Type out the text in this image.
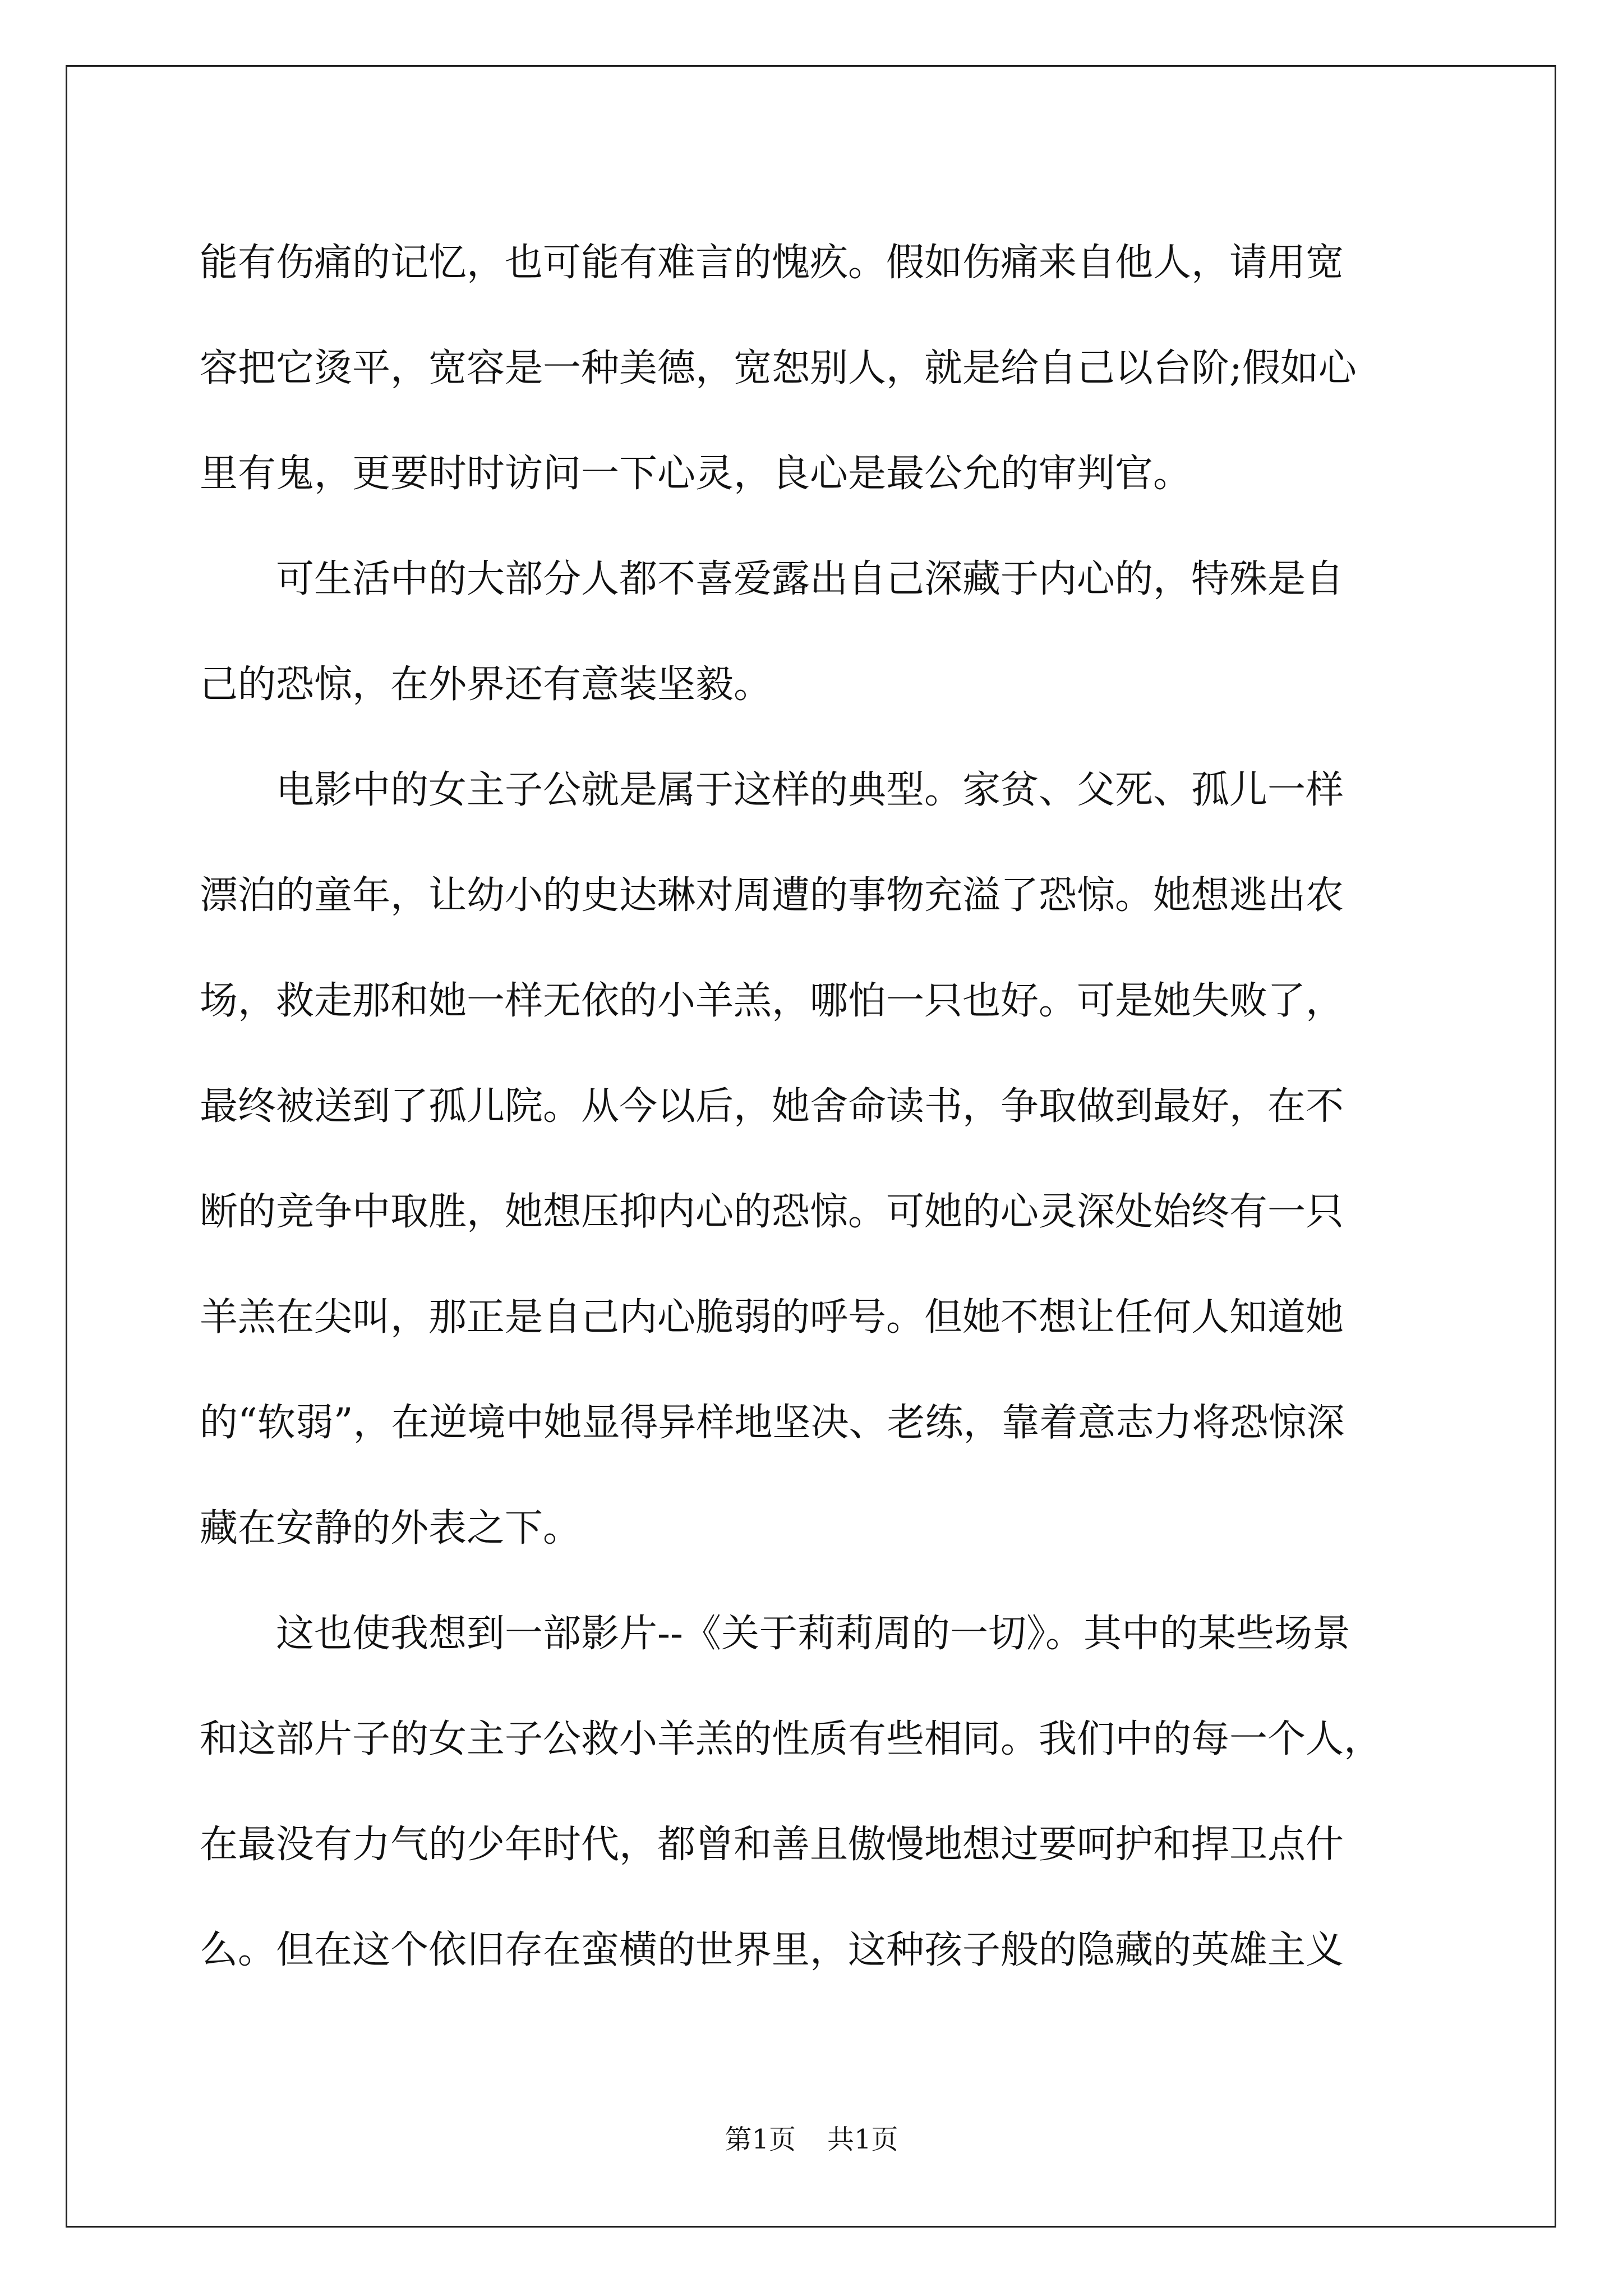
能有伤痛的记忆，也可能有难言的愧疚。假如伤痛来自他人，请用宽
容把它烫平，宽容是一种美德，宽恕别人，就是给自己以台阶;假如心
里有鬼，更要时时访问一下心灵，良心是最公允的审判官。

　　可生活中的大部分人都不喜爱露出自己深藏于内心的，特殊是自
己的恐惊，在外界还有意装坚毅。

　　电影中的女主子公就是属于这样的典型。家贫、父死、孤儿一样
漂泊的童年，让幼小的史达琳对周遭的事物充溢了恐惊。她想逃出农
场，救走那和她一样无依的小羊羔，哪怕一只也好。可是她失败了，
最终被送到了孤儿院。从今以后，她舍命读书，争取做到最好，在不
断的竞争中取胜，她想压抑内心的恐惊。可她的心灵深处始终有一只
羊羔在尖叫，那正是自己内心脆弱的呼号。但她不想让任何人知道她
的“软弱”，在逆境中她显得异样地坚决、老练，靠着意志力将恐惊深
藏在安静的外表之下。

　　这也使我想到一部影片--《关于莉莉周的一切》。其中的某些场景
和这部片子的女主子公救小羊羔的性质有些相同。我们中的每一个人，
在最没有力气的少年时代，都曾和善且傲慢地想过要呵护和捍卫点什
么。但在这个依旧存在蛮横的世界里，这种孩子般的隐藏的英雄主义

第1页 共1页
